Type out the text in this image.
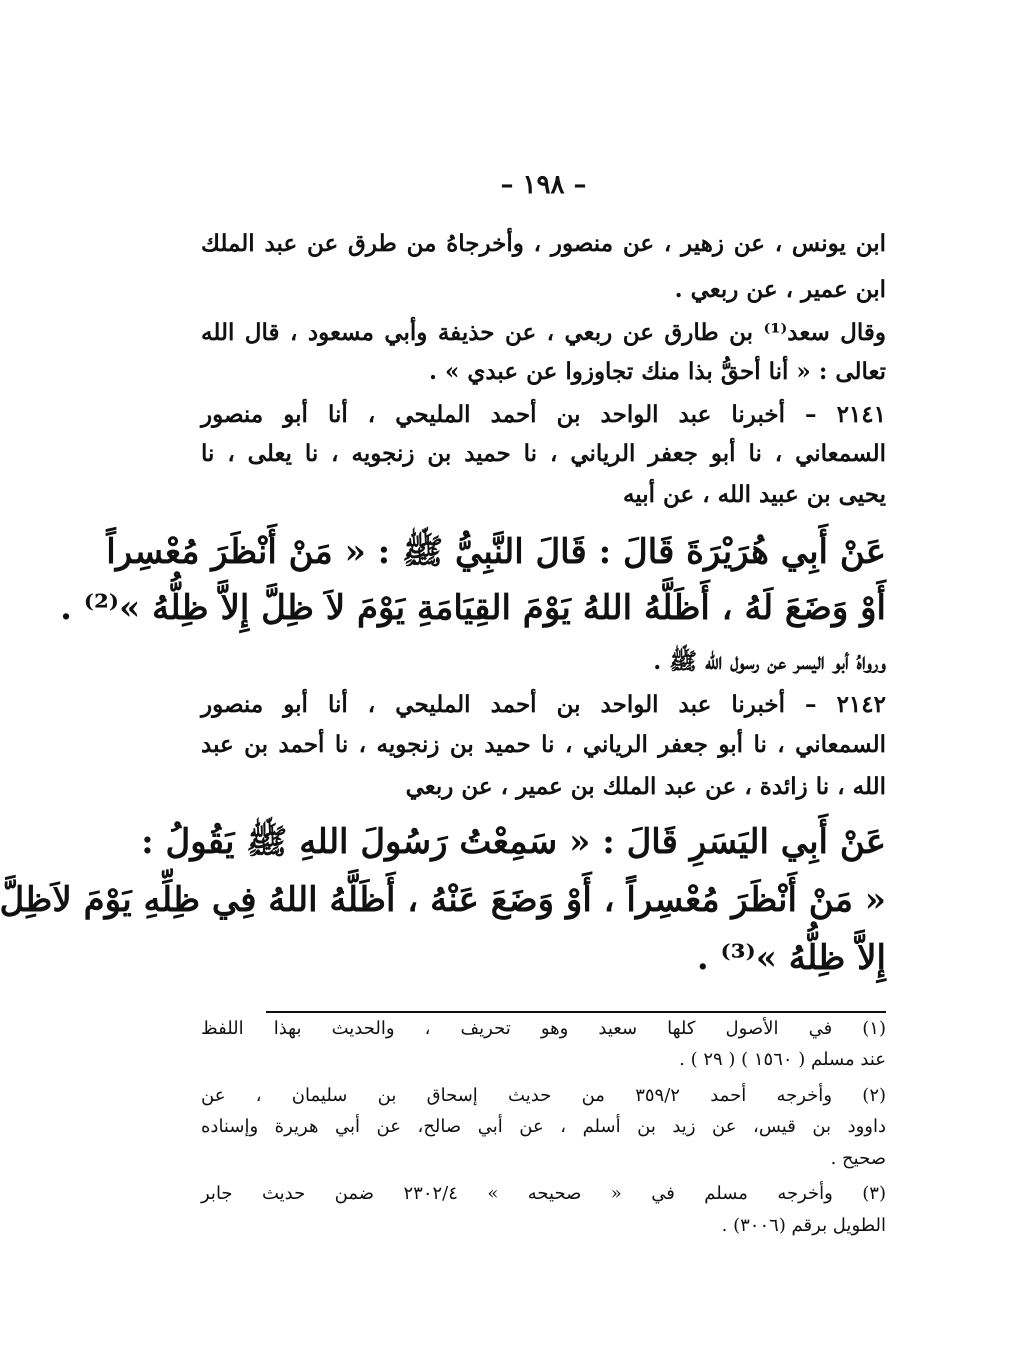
– ١٩٨ –
ابن يونس ، عن زهير ، عن منصور ، وأخرجاهُ من طرق عن عبد الملك
ابن عمير ، عن ربعي .
وقال سعد⁽¹⁾ بن طارق عن ربعي ، عن حذيفة وأبي مسعود ، قال الله
تعالى : « أنا أحقُّ بذا منك تجاوزوا عن عبدي » .
٢١٤١ – أخبرنا عبد الواحد بن أحمد المليحي ، أنا أبو منصور
السمعاني ، نا أبو جعفر الرياني ، نا حميد بن زنجويه ، نا يعلى ، نا
يحيى بن عبيد الله ، عن أبيه
عَنْ أَبِي هُرَيْرَةَ قَالَ : قَالَ النَّبِيُّ ﷺ : « مَنْ أَنْظَرَ مُعْسِراً
أَوْ وَضَعَ لَهُ ، أَظَلَّهُ اللهُ يَوْمَ القِيَامَةِ يَوْمَ لاَ ظِلَّ إِلاَّ ظِلُّهُ »⁽²⁾ .
ورواهُ أبو اليسر عن رسول الله ﷺ .
٢١٤٢ – أخبرنا عبد الواحد بن أحمد المليحي ، أنا أبو منصور
السمعاني ، نا أبو جعفر الرياني ، نا حميد بن زنجويه ، نا أحمد بن عبد
الله ، نا زائدة ، عن عبد الملك بن عمير ، عن ربعي
عَنْ أَبِي اليَسَرِ قَالَ : « سَمِعْتُ رَسُولَ اللهِ ﷺ يَقُولُ :
« مَنْ أَنْظَرَ مُعْسِراً ، أَوْ وَضَعَ عَنْهُ ، أَظَلَّهُ اللهُ فِي ظِلِّهِ يَوْمَ لاَظِلَّ
إِلاَّ ظِلُّهُ »⁽³⁾ .
(١) في الأصول كلها سعيد وهو تحريف ، والحديث بهذا اللفظ
عند مسلم ( ١٥٦٠ ) ( ٢٩ ) .
(٢) وأخرجه أحمد ٣٥٩/٢ من حديث إسحاق بن سليمان ، عن
داوود بن قيس، عن زيد بن أسلم ، عن أبي صالح، عن أبي هريرة وإسناده
صحيح .
(٣) وأخرجه مسلم في « صحيحه » ٢٣٠٢/٤ ضمن حديث جابر
الطويل برقم (٣٠٠٦) .
